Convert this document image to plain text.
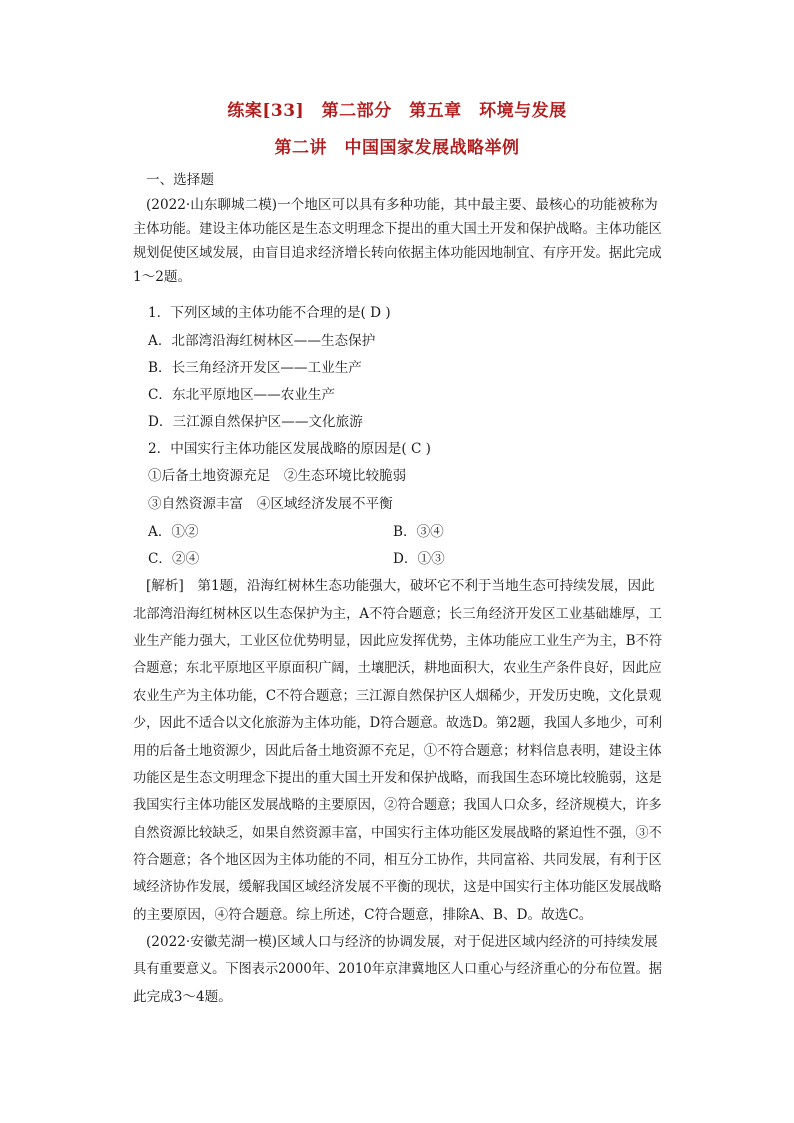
练案[33]　第二部分　第五章　环境与发展
第二讲　中国国家发展战略举例
一、选择题
(2022·山东聊城二模)一个地区可以具有多种功能，其中最主要、最核心的功能被称为
主体功能。建设主体功能区是生态文明理念下提出的重大国土开发和保护战略。主体功能区
规划促使区域发展，由盲目追求经济增长转向依据主体功能因地制宜、有序开发。据此完成
1～2题。
1．下列区域的主体功能不合理的是( D )
A．北部湾沿海红树林区——生态保护
B．长三角经济开发区——工业生产
C．东北平原地区——农业生产
D．三江源自然保护区——文化旅游
2．中国实行主体功能区发展战略的原因是( C )
①后备土地资源充足　②生态环境比较脆弱
③自然资源丰富　④区域经济发展不平衡
A．①②	B．③④
C．②④	D．①③
[解析]　第1题，沿海红树林生态功能强大，破坏它不利于当地生态可持续发展，因此
北部湾沿海红树林区以生态保护为主，A不符合题意；长三角经济开发区工业基础雄厚，工
业生产能力强大，工业区位优势明显，因此应发挥优势，主体功能应工业生产为主，B不符
合题意；东北平原地区平原面积广阔，土壤肥沃，耕地面积大，农业生产条件良好，因此应
农业生产为主体功能，C不符合题意；三江源自然保护区人烟稀少，开发历史晚，文化景观
少，因此不适合以文化旅游为主体功能，D符合题意。故选D。第2题，我国人多地少，可利
用的后备土地资源少，因此后备土地资源不充足，①不符合题意；材料信息表明，建设主体
功能区是生态文明理念下提出的重大国土开发和保护战略，而我国生态环境比较脆弱，这是
我国实行主体功能区发展战略的主要原因，②符合题意；我国人口众多，经济规模大，许多
自然资源比较缺乏，如果自然资源丰富，中国实行主体功能区发展战略的紧迫性不强，③不
符合题意；各个地区因为主体功能的不同，相互分工协作，共同富裕、共同发展，有利于区
域经济协作发展，缓解我国区域经济发展不平衡的现状，这是中国实行主体功能区发展战略
的主要原因，④符合题意。综上所述，C符合题意，排除A、B、D。故选C。
(2022·安徽芜湖一模)区域人口与经济的协调发展，对于促进区域内经济的可持续发展
具有重要意义。下图表示2000年、2010年京津冀地区人口重心与经济重心的分布位置。据
此完成3～4题。
